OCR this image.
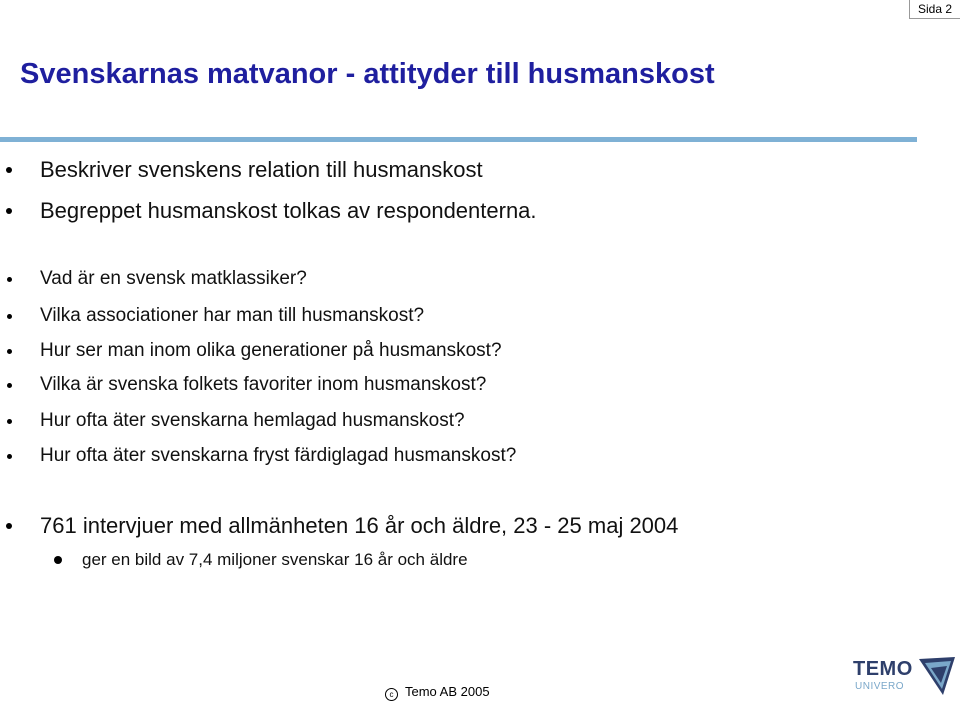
Sida 2
Svenskarnas matvanor - attityder till husmanskost
Beskriver svenskens relation till husmanskost
Begreppet husmanskost tolkas av respondenterna.
Vad är en svensk matklassiker?
Vilka associationer har man till husmanskost?
Hur ser man inom olika generationer på husmanskost?
Vilka är svenska folkets favoriter inom husmanskost?
Hur ofta äter svenskarna hemlagad husmanskost?
Hur ofta äter svenskarna fryst färdiglagad husmanskost?
761 intervjuer med allmänheten 16 år och äldre, 23 - 25 maj 2004
ger en bild av 7,4 miljoner svenskar 16 år och äldre
c Temo AB 2005
TEMO
UNIVERO
